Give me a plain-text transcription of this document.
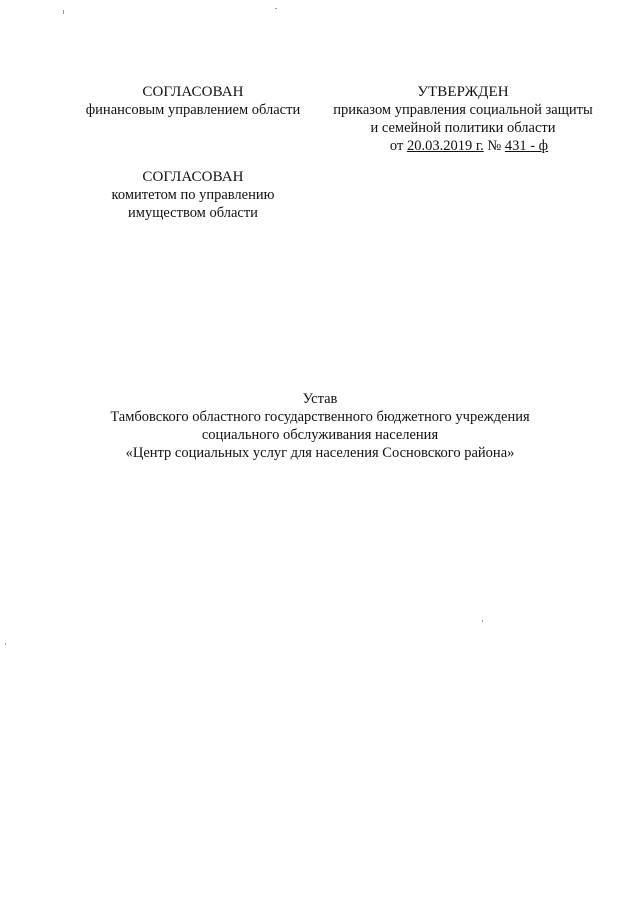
СОГЛАСОВАН
финансовым управлением области
СОГЛАСОВАН
комитетом по управлению
имуществом области
УТВЕРЖДЕН
приказом управления социальной защиты
и семейной политики области
от 20.03.2019 г. № 431 - ф
Устав
Тамбовского областного государственного бюджетного учреждения
социального обслуживания населения
«Центр социальных услуг для населения Сосновского района»
